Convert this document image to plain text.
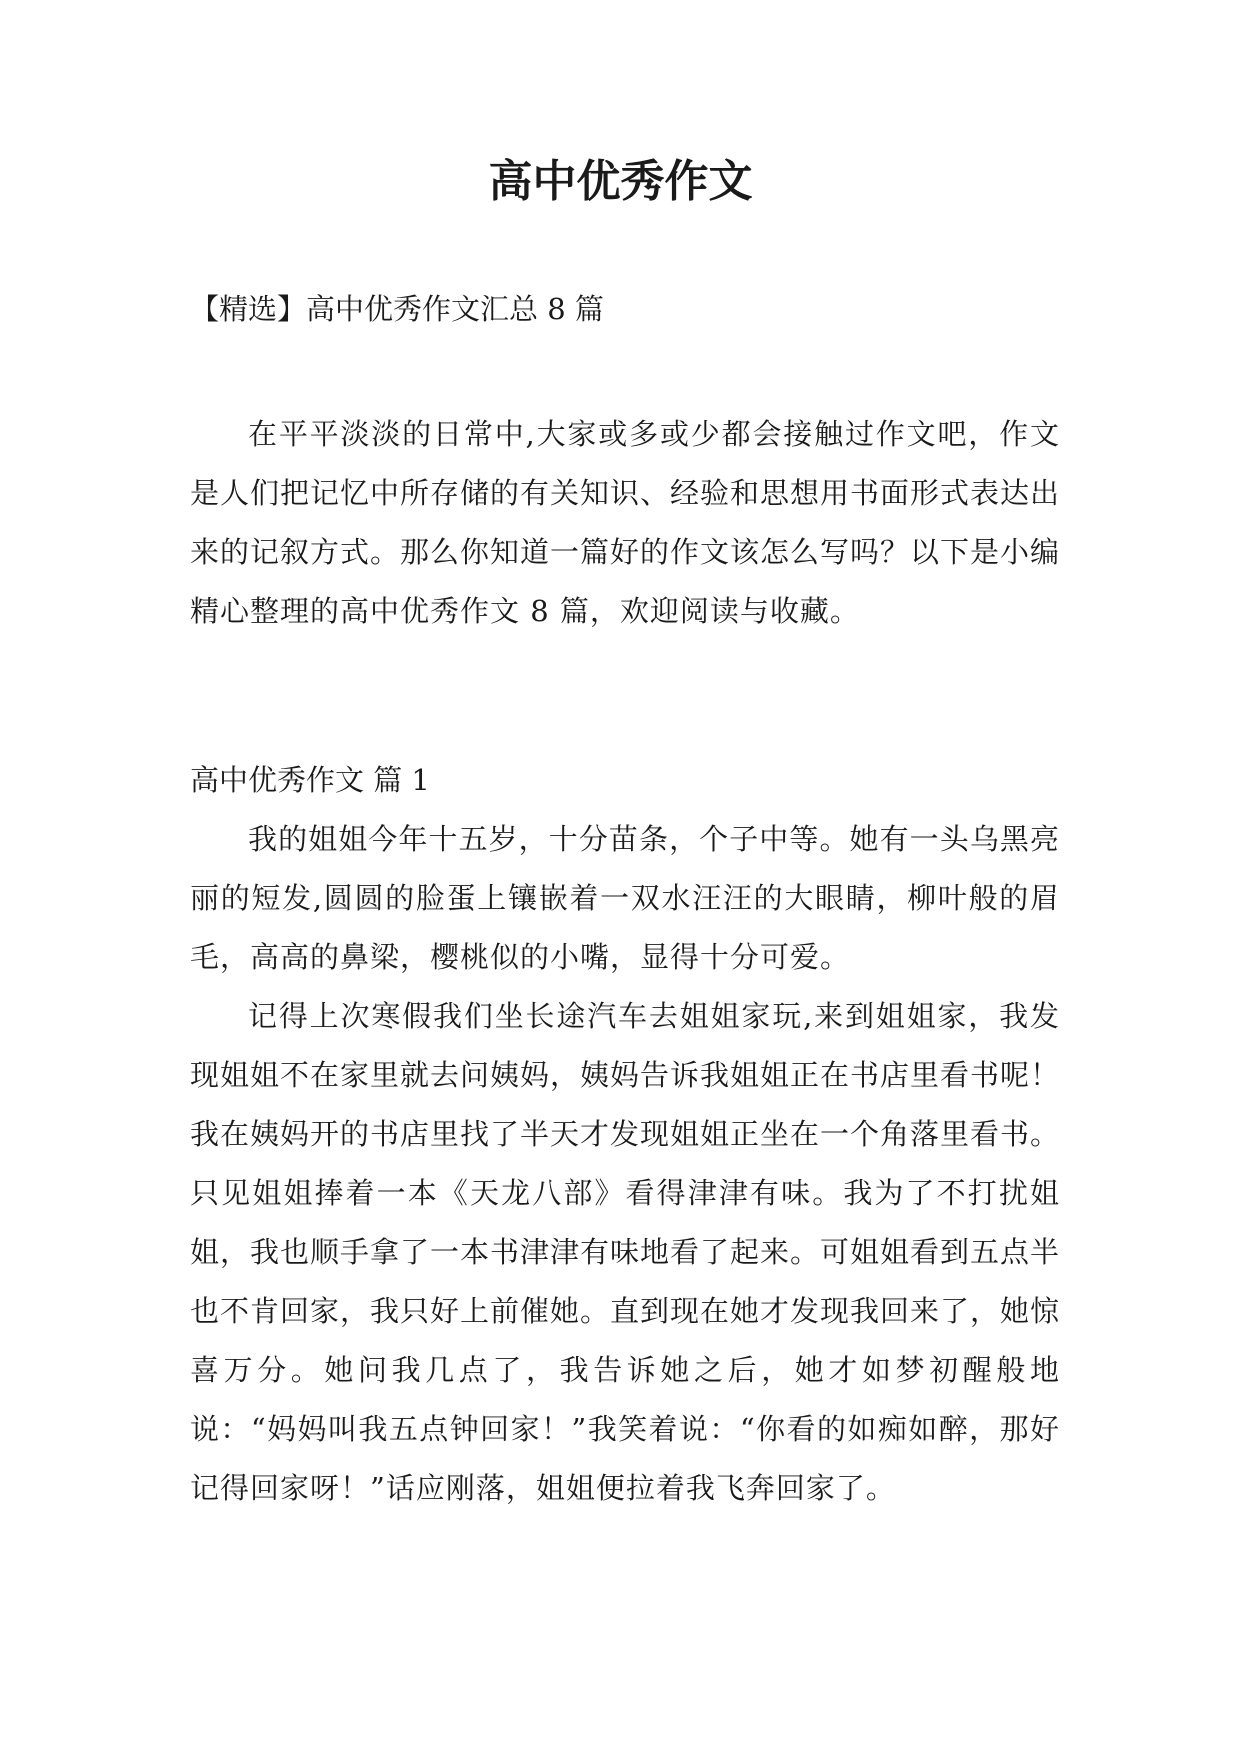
高中优秀作文
【精选】高中优秀作文汇总 8 篇

在平平淡淡的日常中,大家或多或少都会接触过作文吧，作文是人们把记忆中所存储的有关知识、经验和思想用书面形式表达出来的记叙方式。那么你知道一篇好的作文该怎么写吗？以下是小编精心整理的高中优秀作文 8 篇，欢迎阅读与收藏。

高中优秀作文 篇 1

我的姐姐今年十五岁，十分苗条，个子中等。她有一头乌黑亮丽的短发,圆圆的脸蛋上镶嵌着一双水汪汪的大眼睛，柳叶般的眉毛，高高的鼻梁，樱桃似的小嘴，显得十分可爱。

记得上次寒假我们坐长途汽车去姐姐家玩,来到姐姐家，我发现姐姐不在家里就去问姨妈，姨妈告诉我姐姐正在书店里看书呢！我在姨妈开的书店里找了半天才发现姐姐正坐在一个角落里看书。只见姐姐捧着一本《天龙八部》看得津津有味。我为了不打扰姐姐，我也顺手拿了一本书津津有味地看了起来。可姐姐看到五点半也不肯回家，我只好上前催她。直到现在她才发现我回来了，她惊喜万分。她问我几点了，我告诉她之后，她才如梦初醒般地说：“妈妈叫我五点钟回家！”我笑着说：“你看的如痴如醉，那好记得回家呀！”话应刚落，姐姐便拉着我飞奔回家了。
